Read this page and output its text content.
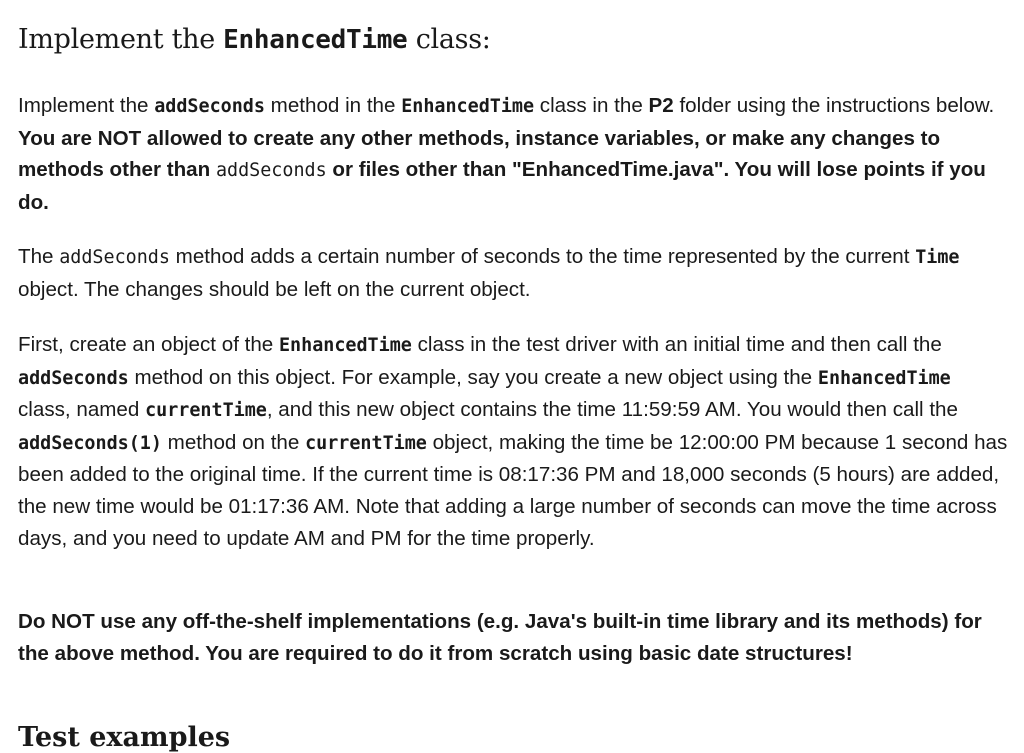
Implement the EnhancedTime class:

Implement the addSeconds method in the EnhancedTime class in the P2 folder using the instructions below. You are NOT allowed to create any other methods, instance variables, or make any changes to methods other than addSeconds or files other than "EnhancedTime.java". You will lose points if you do.

The addSeconds method adds a certain number of seconds to the time represented by the current Time object. The changes should be left on the current object.

First, create an object of the EnhancedTime class in the test driver with an initial time and then call the addSeconds method on this object. For example, say you create a new object using the EnhancedTime class, named currentTime, and this new object contains the time 11:59:59 AM. You would then call the addSeconds(1) method on the currentTime object, making the time be 12:00:00 PM because 1 second has been added to the original time. If the current time is 08:17:36 PM and 18,000 seconds (5 hours) are added, the new time would be 01:17:36 AM. Note that adding a large number of seconds can move the time across days, and you need to update AM and PM for the time properly.

Do NOT use any off-the-shelf implementations (e.g. Java's built-in time library and its methods) for the above method. You are required to do it from scratch using basic date structures!

Test examples
